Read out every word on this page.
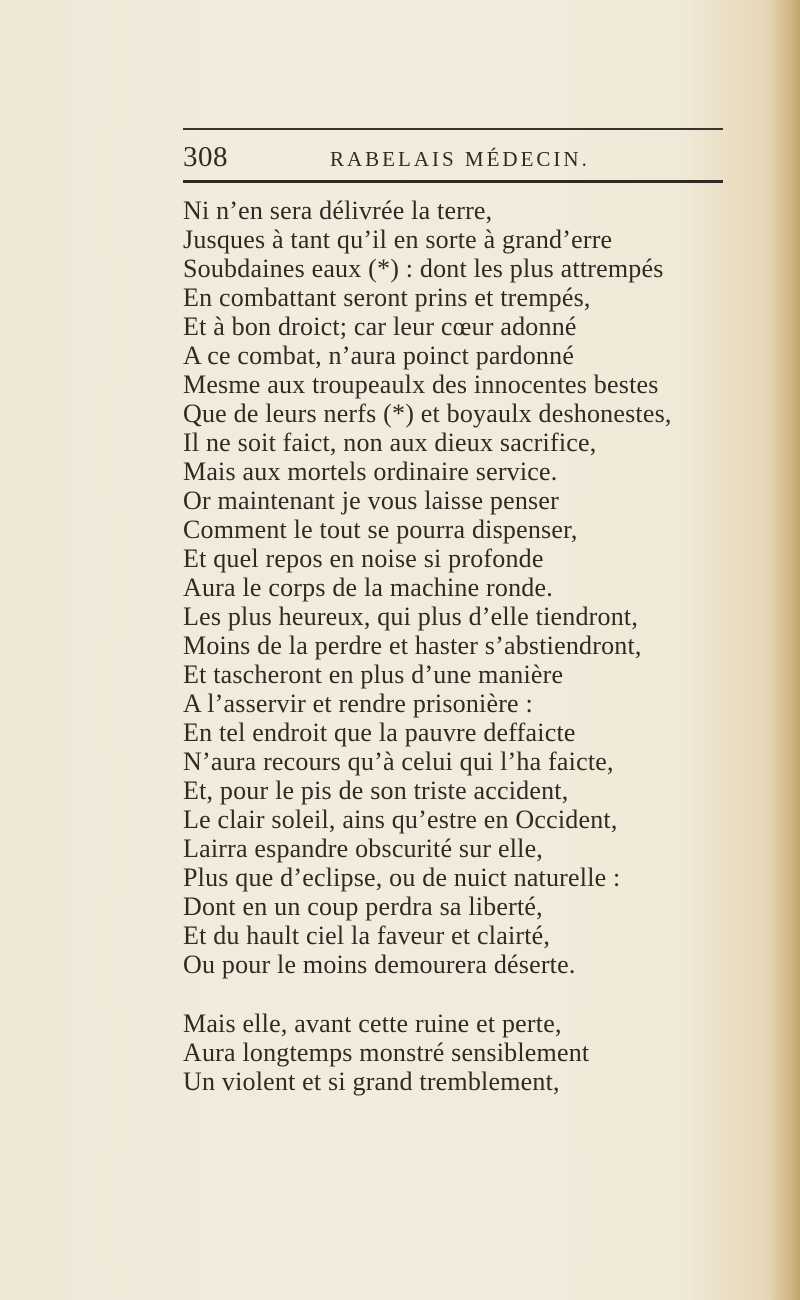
308	RABELAIS MÉDECIN.
Ni n’en sera délivrée la terre,
Jusques à tant qu’il en sorte à grand’erre
Soubdaines eaux (*) : dont les plus attrempés
En combattant seront prins et trempés,
Et à bon droict; car leur cœur adonné
A ce combat, n’aura poinct pardonné
Mesme aux troupeaulx des innocentes bestes
Que de leurs nerfs (*) et boyaulx deshonestes,
Il ne soit faict, non aux dieux sacrifice,
Mais aux mortels ordinaire service.
Or maintenant je vous laisse penser
Comment le tout se pourra dispenser,
Et quel repos en noise si profonde
Aura le corps de la machine ronde.
Les plus heureux, qui plus d’elle tiendront,
Moins de la perdre et haster s’abstiendront,
Et tascheront en plus d’une manière
A l’asservir et rendre prisonière :
En tel endroit que la pauvre deffaicte
N’aura recours qu’à celui qui l’ha faicte,
Et, pour le pis de son triste accident,
Le clair soleil, ains qu’estre en Occident,
Lairra espandre obscurité sur elle,
Plus que d’eclipse, ou de nuict naturelle :
Dont en un coup perdra sa liberté,
Et du hault ciel la faveur et clairté,
Ou pour le moins demourera déserte.
Mais elle, avant cette ruine et perte,
Aura longtemps monstré sensiblement
Un violent et si grand tremblement,
